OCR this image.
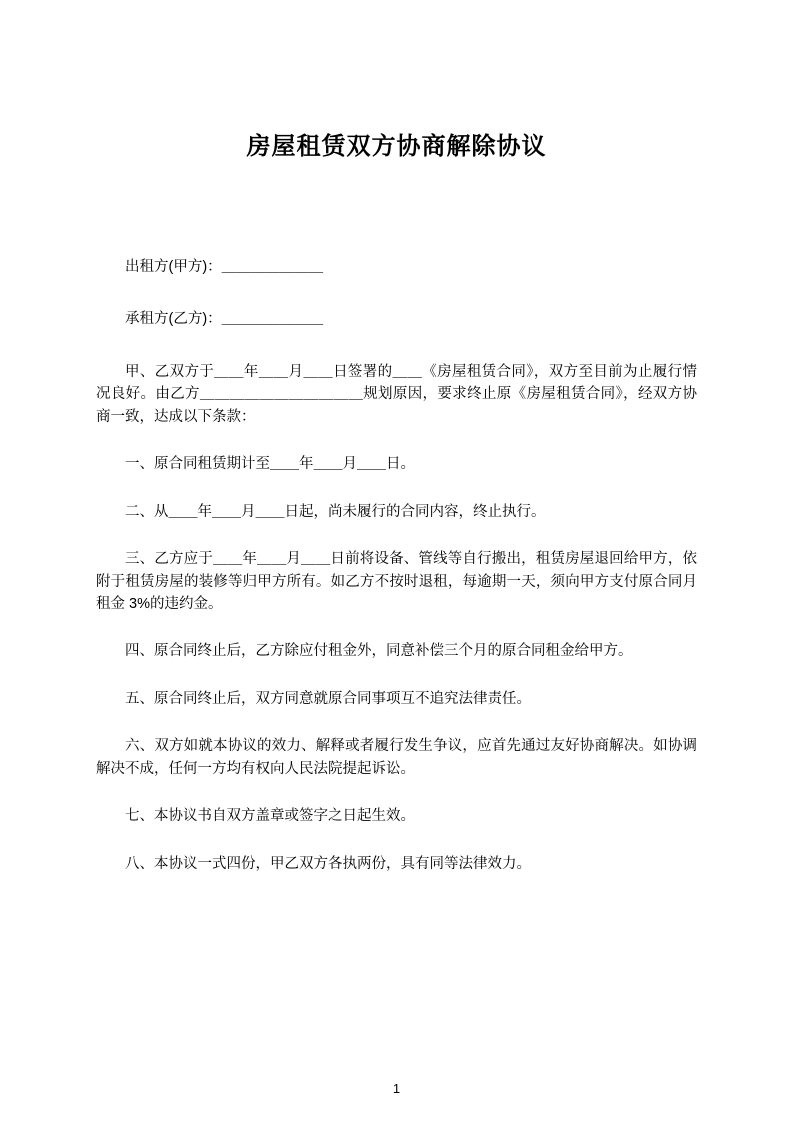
房屋租赁双方协商解除协议

出租方(甲方)：＿＿＿＿＿＿＿

承租方(乙方)：＿＿＿＿＿＿＿

甲、乙双方于＿＿年＿＿月＿＿日签署的＿＿《房屋租赁合同》，双方至目前为止履行情况良好。由乙方＿＿＿＿＿＿＿＿＿＿＿规划原因，要求终止原《房屋租赁合同》，经双方协商一致，达成以下条款：

一、原合同租赁期计至＿＿年＿＿月＿＿日。

二、从＿＿年＿＿月＿＿日起，尚未履行的合同内容，终止执行。

三、乙方应于＿＿年＿＿月＿＿日前将设备、管线等自行搬出，租赁房屋退回给甲方，依附于租赁房屋的装修等归甲方所有。如乙方不按时退租，每逾期一天，须向甲方支付原合同月租金 3%的违约金。

四、原合同终止后，乙方除应付租金外，同意补偿三个月的原合同租金给甲方。

五、原合同终止后，双方同意就原合同事项互不追究法律责任。

六、双方如就本协议的效力、解释或者履行发生争议，应首先通过友好协商解决。如协调解决不成，任何一方均有权向人民法院提起诉讼。

七、本协议书自双方盖章或签字之日起生效。

八、本协议一式四份，甲乙双方各执两份，具有同等法律效力。

1
